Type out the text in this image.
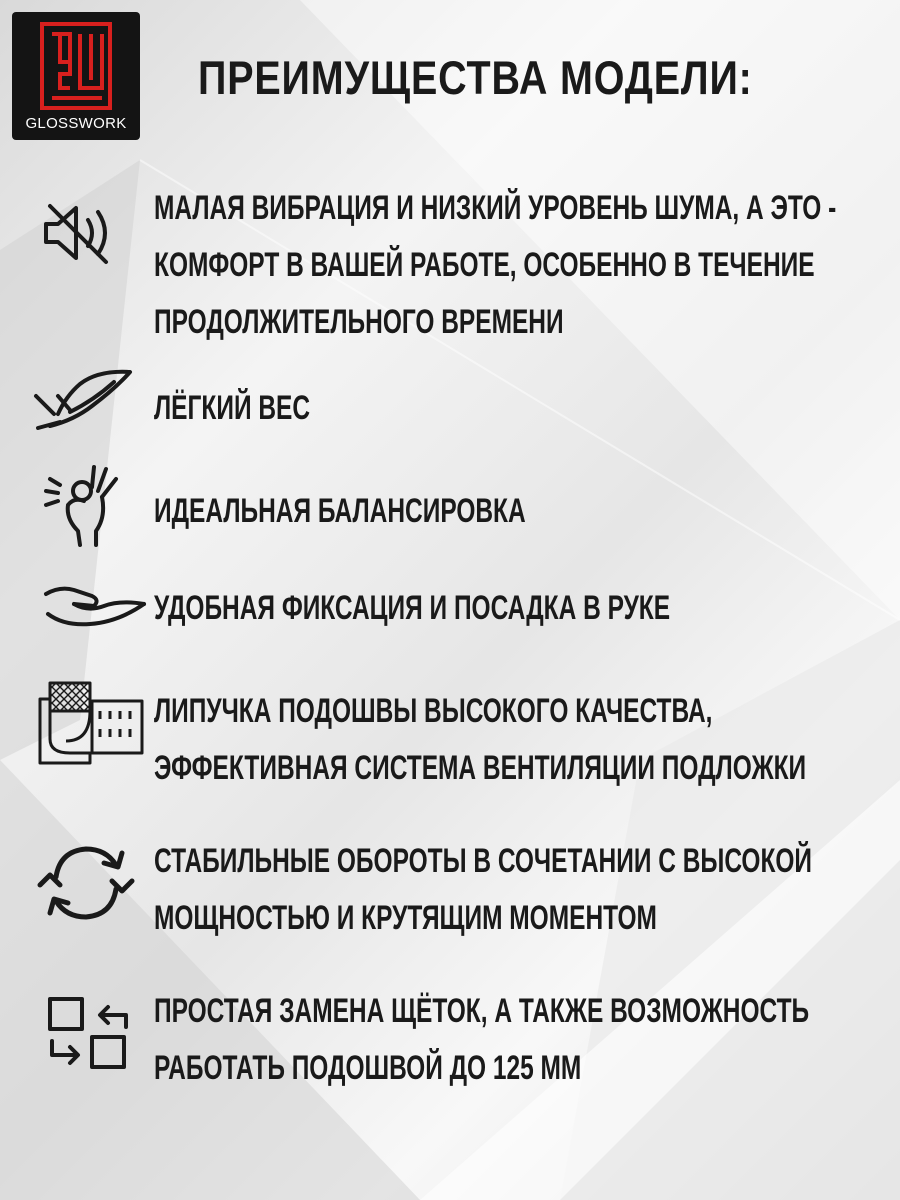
GLOSSWORK
ПРЕИМУЩЕСТВА МОДЕЛИ:

МАЛАЯ ВИБРАЦИЯ И НИЗКИЙ УРОВЕНЬ ШУМА, А ЭТО -
КОМФОРТ В ВАШЕЙ РАБОТЕ, ОСОБЕННО В ТЕЧЕНИЕ
ПРОДОЛЖИТЕЛЬНОГО ВРЕМЕНИ

ЛЁГКИЙ ВЕС

ИДЕАЛЬНАЯ БАЛАНСИРОВКА

УДОБНАЯ ФИКСАЦИЯ И ПОСАДКА В РУКЕ

ЛИПУЧКА ПОДОШВЫ ВЫСОКОГО КАЧЕСТВА,
ЭФФЕКТИВНАЯ СИСТЕМА ВЕНТИЛЯЦИИ ПОДЛОЖКИ

СТАБИЛЬНЫЕ ОБОРОТЫ В СОЧЕТАНИИ С ВЫСОКОЙ
МОЩНОСТЬЮ И КРУТЯЩИМ МОМЕНТОМ

ПРОСТАЯ ЗАМЕНА ЩЁТОК, А ТАКЖЕ ВОЗМОЖНОСТЬ
РАБОТАТЬ ПОДОШВОЙ ДО 125 ММ
